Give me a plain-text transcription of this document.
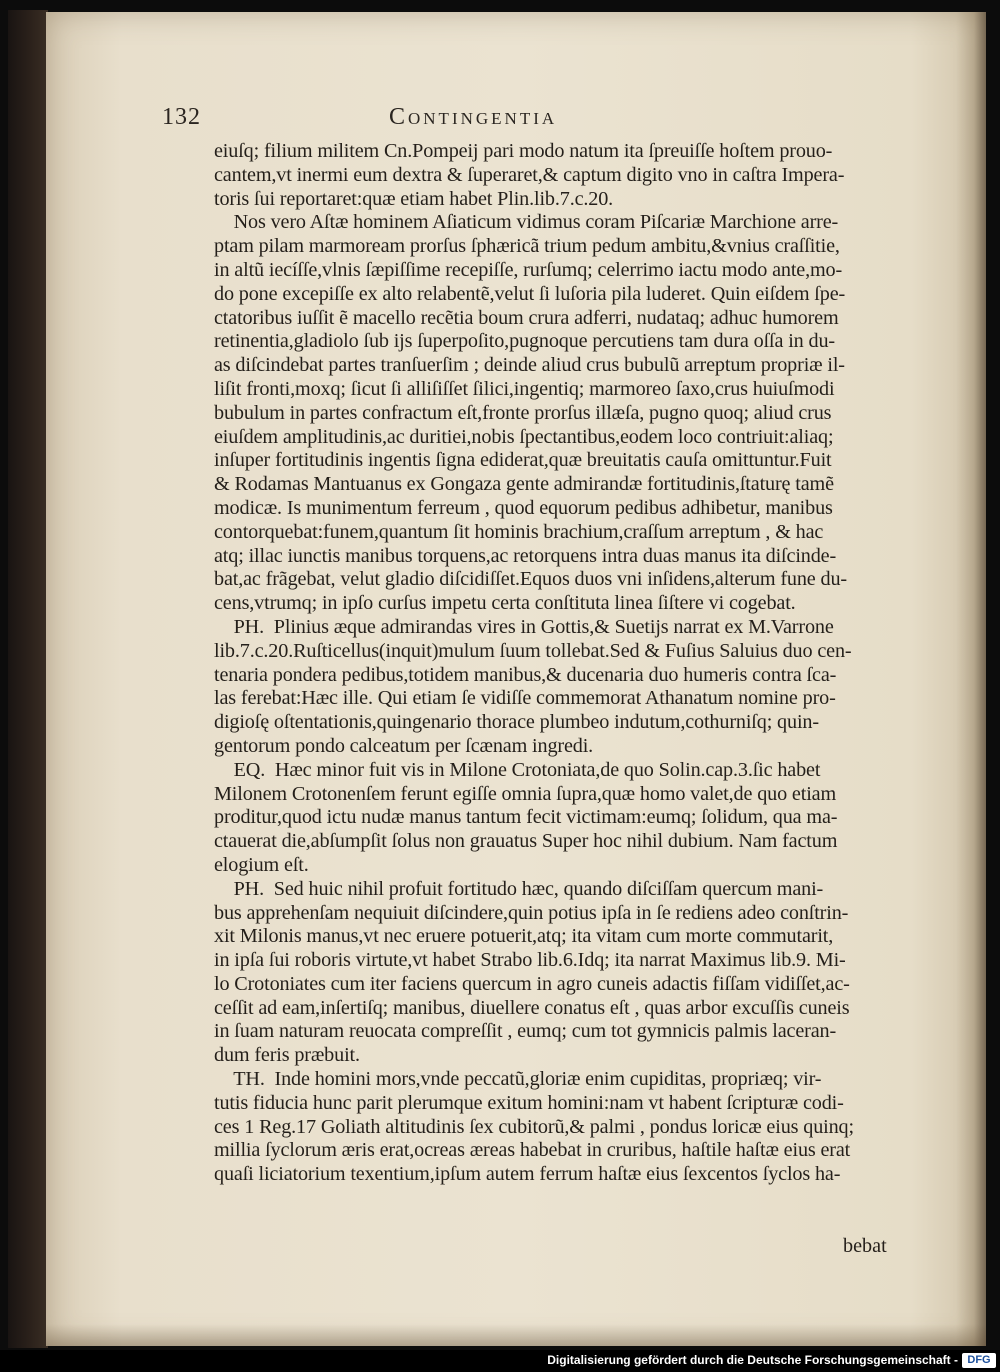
132	Contingentia
eiuſq; filium militem Cn.Pompeij pari modo natum ita ſpreuiſſe hoſtem prouo-
cantem,vt inermi eum dextra & ſuperaret,& captum digito vno in caſtra Impera-
toris ſui reportaret:quæ etiam habet Plin.lib.7.c.20.
Nos vero Aſtæ hominem Aſiaticum vidimus coram Piſcariæ Marchione arre-
ptam pilam marmoream prorſus ſphæricã trium pedum ambitu,&vnius craſſitie,
in altũ iecíſſe,vlnis ſæpiſſime recepiſſe, rurſumq; celerrimo iactu modo ante,mo-
do pone excepiſſe ex alto relabentẽ,velut ſi luſoria pila luderet. Quin eiſdem ſpe-
ctatoribus iuſſit ẽ macello recẽtia boum crura adferri, nudataq; adhuc humorem
retinentia,gladiolo ſub ijs ſuperpoſito,pugnoque percutiens tam dura oſſa in du-
as diſcindebat partes tranſuerſim ; deinde aliud crus bubulũ arreptum propriæ il-
liſit fronti,moxq; ſicut ſi alliſiſſet ſilici,ingentiq; marmoreo ſaxo,crus huiuſmodi
bubulum in partes confractum eſt,fronte prorſus illæſa, pugno quoq; aliud crus
eiuſdem amplitudinis,ac duritiei,nobis ſpectantibus,eodem loco contriuit:aliaq;
inſuper fortitudinis ingentis ſigna ediderat,quæ breuitatis cauſa omittuntur.Fuit
& Rodamas Mantuanus ex Gongaza gente admirandæ fortitudinis,ſtaturę tamẽ
modicæ. Is munimentum ferreum , quod equorum pedibus adhibetur, manibus
contorquebat:funem,quantum ſit hominis brachium,craſſum arreptum , & hac
atq; illac iunctis manibus torquens,ac retorquens intra duas manus ita diſcinde-
bat,ac frãgebat, velut gladio diſcidiſſet.Equos duos vni inſidens,alterum fune du-
cens,vtrumq; in ipſo curſus impetu certa conſtituta linea ſiſtere vi cogebat.
PH.  Plinius æque admirandas vires in Gottis,& Suetijs narrat ex M.Varrone
lib.7.c.20.Ruſticellus(inquit)mulum ſuum tollebat.Sed & Fuſius Saluius duo cen-
tenaria pondera pedibus,totidem manibus,& ducenaria duo humeris contra ſca-
las ferebat:Hæc ille. Qui etiam ſe vidiſſe commemorat Athanatum nomine pro-
digioſę oſtentationis,quingenario thorace plumbeo indutum,cothurniſq; quin-
gentorum pondo calceatum per ſcænam ingredi.
EQ.  Hæc minor fuit vis in Milone Crotoniata,de quo Solin.cap.3.ſic habet
Milonem Crotonenſem ferunt egiſſe omnia ſupra,quæ homo valet,de quo etiam
proditur,quod ictu nudæ manus tantum fecit victimam:eumq; ſolidum, qua ma-
ctauerat die,abſumpſit ſolus non grauatus Super hoc nihil dubium. Nam factum
elogium eſt.
PH.  Sed huic nihil profuit fortitudo hæc, quando diſciſſam quercum mani-
bus apprehenſam nequiuit diſcindere,quin potius ipſa in ſe rediens adeo conſtrin-
xit Milonis manus,vt nec eruere potuerit,atq; ita vitam cum morte commutarit,
in ipſa ſui roboris virtute,vt habet Strabo lib.6.Idq; ita narrat Maximus lib.9. Mi-
lo Crotoniates cum iter faciens quercum in agro cuneis adactis fiſſam vidiſſet,ac-
ceſſit ad eam,inſertiſq; manibus, diuellere conatus eſt , quas arbor excuſſis cuneis
in ſuam naturam reuocata compreſſit , eumq; cum tot gymnicis palmis laceran-
dum feris præbuit.
TH.  Inde homini mors,vnde peccatũ,gloriæ enim cupiditas, propriæq; vir-
tutis fiducia hunc parit plerumque exitum homini:nam vt habent ſcripturæ codi-
ces 1 Reg.17 Goliath altitudinis ſex cubitorũ,& palmi , pondus loricæ eius quinq;
millia ſyclorum æris erat,ocreas æreas habebat in cruribus, haſtile haſtæ eius erat
quaſi liciatorium texentium,ipſum autem ferrum haſtæ eius ſexcentos ſyclos ha-
bebat
Digitalisierung gefördert durch die Deutsche Forschungsgemeinschaft - DFG
